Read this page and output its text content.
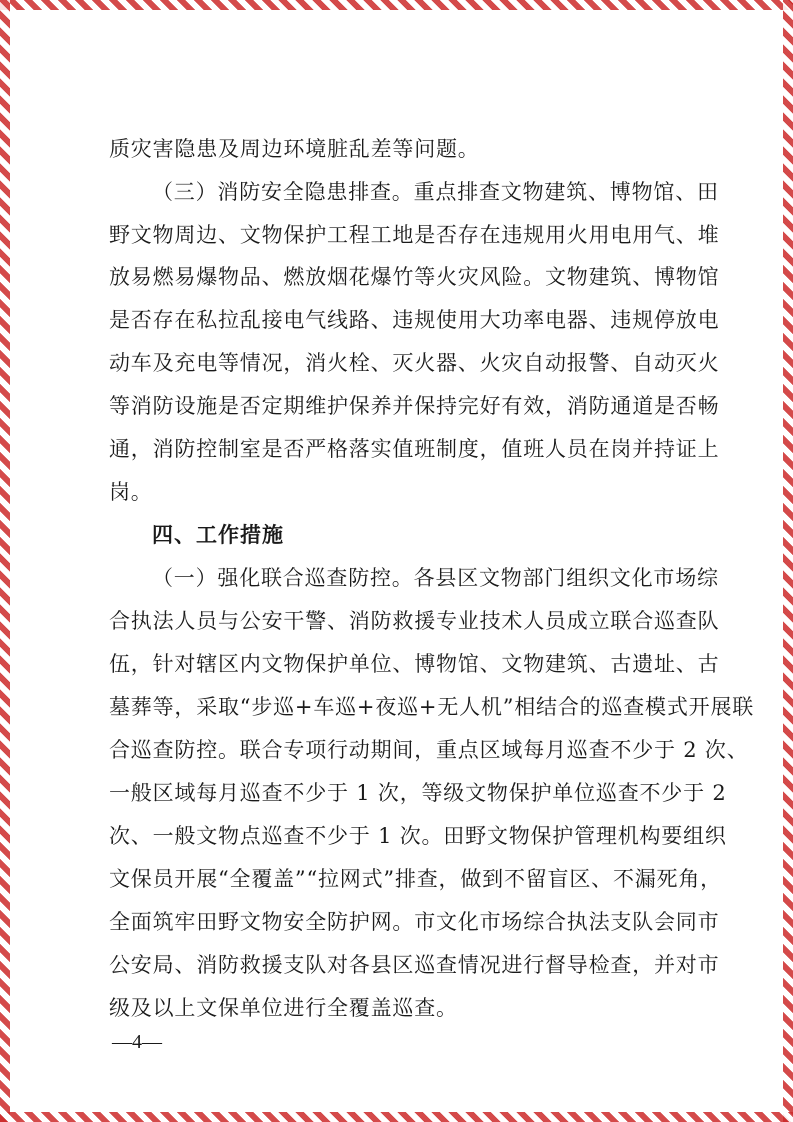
质灾害隐患及周边环境脏乱差等问题。
（三）消防安全隐患排查。重点排查文物建筑、博物馆、田
野文物周边、文物保护工程工地是否存在违规用火用电用气、堆
放易燃易爆物品、燃放烟花爆竹等火灾风险。文物建筑、博物馆
是否存在私拉乱接电气线路、违规使用大功率电器、违规停放电
动车及充电等情况，消火栓、灭火器、火灾自动报警、自动灭火
等消防设施是否定期维护保养并保持完好有效，消防通道是否畅
通，消防控制室是否严格落实值班制度，值班人员在岗并持证上
岗。
四、工作措施
（一）强化联合巡查防控。各县区文物部门组织文化市场综
合执法人员与公安干警、消防救援专业技术人员成立联合巡查队
伍，针对辖区内文物保护单位、博物馆、文物建筑、古遗址、古
墓葬等，采取“步巡+车巡+夜巡+无人机”相结合的巡查模式开展联
合巡查防控。联合专项行动期间，重点区域每月巡查不少于 2 次、
一般区域每月巡查不少于 1 次，等级文物保护单位巡查不少于 2
次、一般文物点巡查不少于 1 次。田野文物保护管理机构要组织
文保员开展“全覆盖”“拉网式”排查，做到不留盲区、不漏死角，
全面筑牢田野文物安全防护网。市文化市场综合执法支队会同市
公安局、消防救援支队对各县区巡查情况进行督导检查，并对市
级及以上文保单位进行全覆盖巡查。
—4—
